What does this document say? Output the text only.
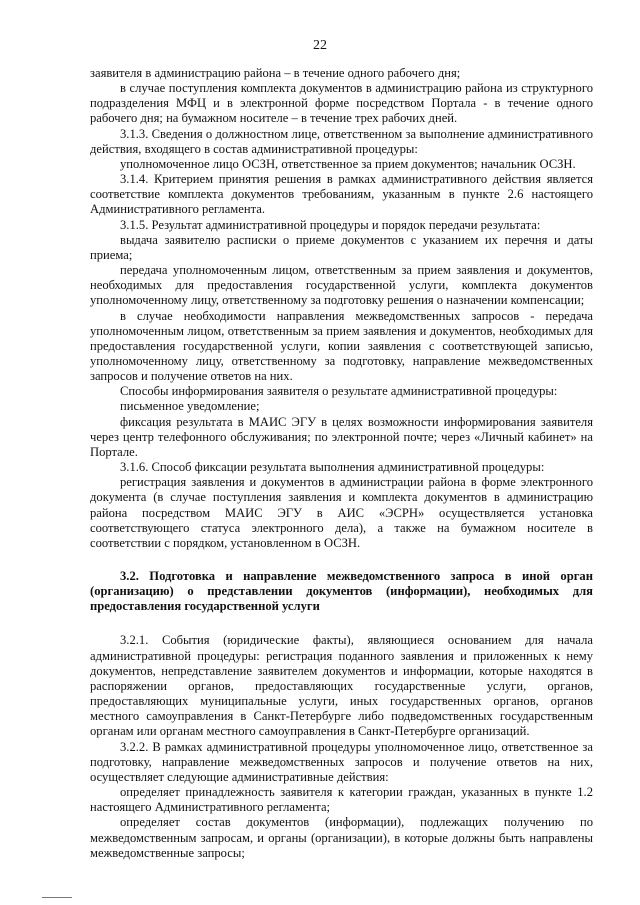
22

заявителя в администрацию района – в течение одного рабочего дня;

в случае поступления комплекта документов в администрацию района из структурного подразделения МФЦ и в электронной форме посредством Портала - в течение одного рабочего дня; на бумажном носителе – в течение трех рабочих дней.

3.1.3. Сведения о должностном лице, ответственном за выполнение административного действия, входящего в состав административной процедуры:

уполномоченное лицо ОСЗН, ответственное за прием документов; начальник ОСЗН.

3.1.4. Критерием принятия решения в рамках административного действия является соответствие комплекта документов требованиям, указанным в пункте 2.6 настоящего Административного регламента.

3.1.5. Результат административной процедуры и порядок передачи результата:

выдача заявителю расписки о приеме документов с указанием их перечня и даты приема;

передача уполномоченным лицом, ответственным за прием заявления и документов, необходимых для предоставления государственной услуги, комплекта документов уполномоченному лицу, ответственному за подготовку решения о назначении компенсации;

в случае необходимости направления межведомственных запросов - передача уполномоченным лицом, ответственным за прием заявления и документов, необходимых для предоставления государственной услуги, копии заявления с соответствующей записью, уполномоченному лицу, ответственному за подготовку, направление межведомственных запросов и получение ответов на них.

Способы информирования заявителя о результате административной процедуры:

письменное уведомление;

фиксация результата в МАИС ЭГУ в целях возможности информирования заявителя через центр телефонного обслуживания; по электронной почте; через «Личный кабинет» на Портале.

3.1.6. Способ фиксации результата выполнения административной процедуры:

регистрация заявления и документов в администрации района в форме электронного документа (в случае поступления заявления и комплекта документов в администрацию района посредством МАИС ЭГУ в АИС «ЭСРН» осуществляется установка соответствующего статуса электронного дела), а также на бумажном носителе в соответствии с порядком, установленном в ОСЗН.

3.2. Подготовка и направление межведомственного запроса в иной орган (организацию) о представлении документов (информации), необходимых для предоставления государственной услуги

3.2.1. События (юридические факты), являющиеся основанием для начала административной процедуры: регистрация поданного заявления и приложенных к нему документов, непредставление заявителем документов и информации, которые находятся в распоряжении органов, предоставляющих государственные услуги, органов, предоставляющих муниципальные услуги, иных государственных органов, органов местного самоуправления в Санкт-Петербурге либо подведомственных государственным органам или органам местного самоуправления в Санкт-Петербурге организаций.

3.2.2. В рамках административной процедуры уполномоченное лицо, ответственное за подготовку, направление межведомственных запросов и получение ответов на них, осуществляет следующие административные действия:

определяет принадлежность заявителя к категории граждан, указанных в пункте 1.2 настоящего Административного регламента;

определяет состав документов (информации), подлежащих получению по межведомственным запросам, и органы (организации), в которые должны быть направлены межведомственные запросы;
